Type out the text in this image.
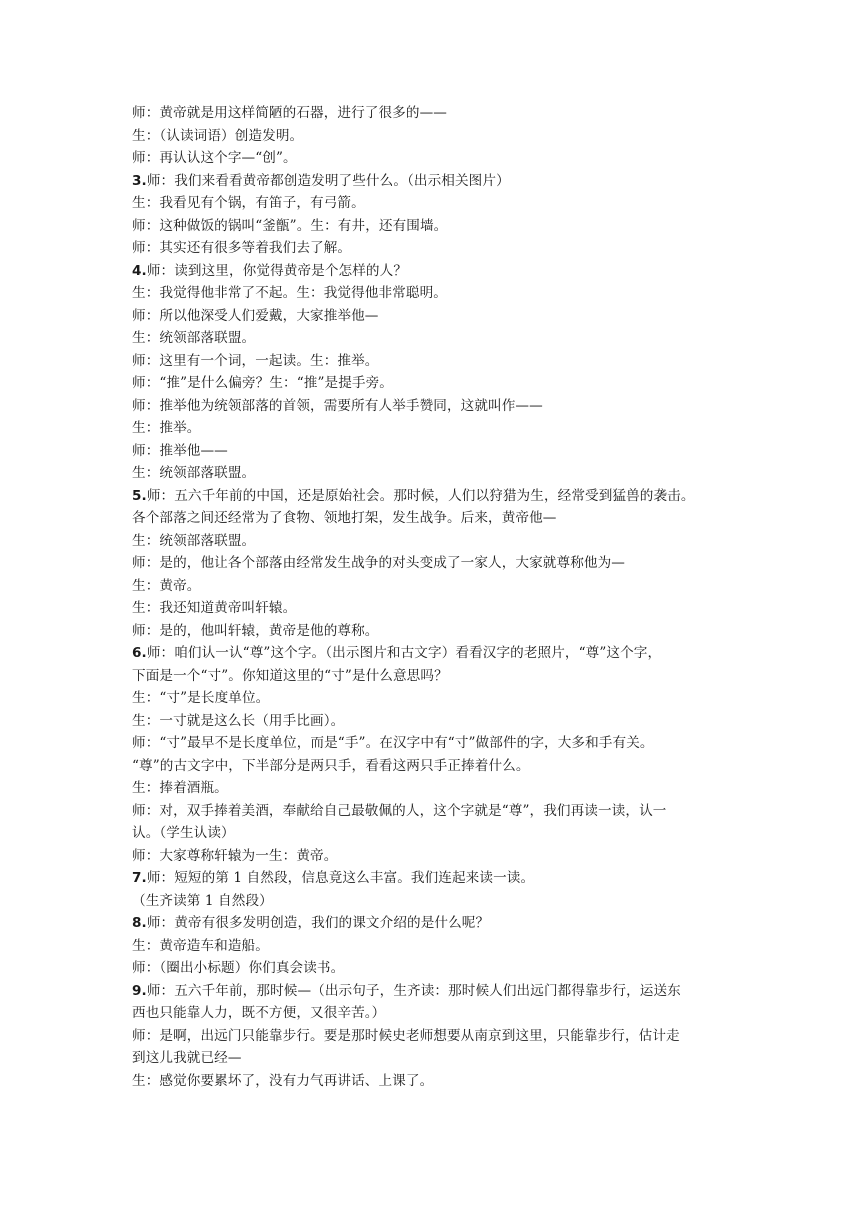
师：黄帝就是用这样简陋的石器，进行了很多的——

生：（认读词语）创造发明。

师：再认认这个字—“创”。

3.师：我们来看看黄帝都创造发明了些什么。（出示相关图片）

生：我看见有个锅，有笛子，有弓箭。

师：这种做饭的锅叫“釜甑”。生：有井，还有围墙。

师：其实还有很多等着我们去了解。

4.师：读到这里，你觉得黄帝是个怎样的人？

生：我觉得他非常了不起。生：我觉得他非常聪明。

师：所以他深受人们爱戴，大家推举他—

生：统领部落联盟。

师：这里有一个词，一起读。生：推举。

师：“推”是什么偏旁？生：“推”是提手旁。

师：推举他为统领部落的首领，需要所有人举手赞同，这就叫作——

生：推举。

师：推举他——

生：统领部落联盟。

5.师：五六千年前的中国，还是原始社会。那时候，人们以狩猎为生，经常受到猛兽的袭击。

各个部落之间还经常为了食物、领地打架，发生战争。后来，黄帝他—

生：统领部落联盟。

师：是的，他让各个部落由经常发生战争的对头变成了一家人，大家就尊称他为—

生：黄帝。

生：我还知道黄帝叫轩辕。

师：是的，他叫轩辕，黄帝是他的尊称。

6.师：咱们认一认“尊”这个字。（出示图片和古文字）看看汉字的老照片，“尊”这个字，

下面是一个“寸”。你知道这里的“寸”是什么意思吗？

生：“寸”是长度单位。

生：一寸就是这么长（用手比画）。

师：“寸”最早不是长度单位，而是“手”。在汉字中有“寸”做部件的字，大多和手有关。

“尊”的古文字中，下半部分是两只手，看看这两只手正捧着什么。

生：捧着酒瓶。

师：对，双手捧着美酒，奉献给自己最敬佩的人，这个字就是“尊”，我们再读一读，认一

认。（学生认读）

师：大家尊称轩辕为一生：黄帝。

7.师：短短的第 1 自然段，信息竟这么丰富。我们连起来读一读。

（生齐读第 1 自然段）

8.师：黄帝有很多发明创造，我们的课文介绍的是什么呢？

生：黄帝造车和造船。

师：（圈出小标题）你们真会读书。

9.师：五六千年前，那时候—（出示句子，生齐读：那时候人们出远门都得靠步行，运送东

西也只能靠人力，既不方便，又很辛苦。）

师：是啊，出远门只能靠步行。要是那时候史老师想要从南京到这里，只能靠步行，估计走

到这儿我就已经—

生：感觉你要累坏了，没有力气再讲话、上课了。
